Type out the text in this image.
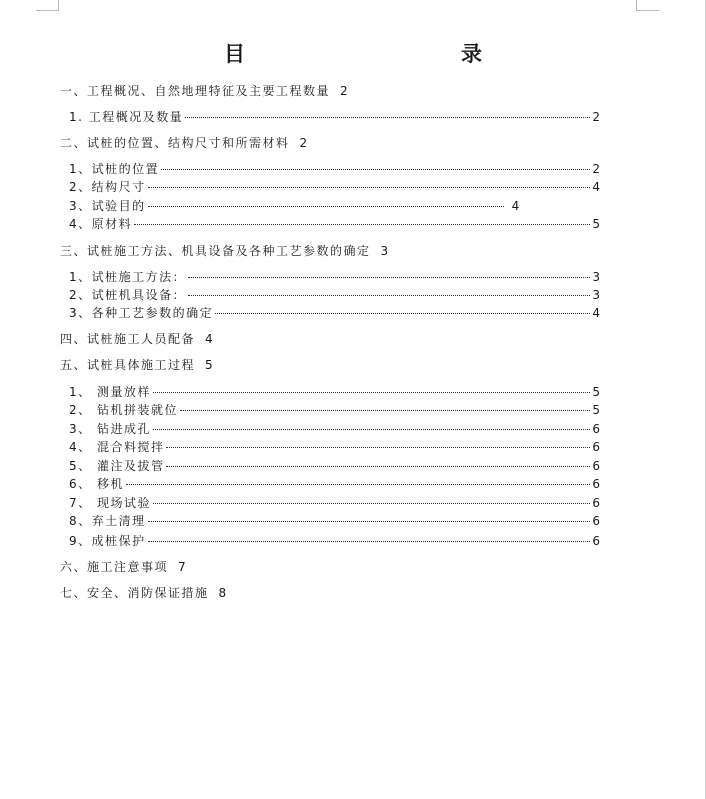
目　　录
一、工程概况、自然地理特征及主要工程数量 2
1. 工程概况及数量	2
二、试桩的位置、结构尺寸和所需材料 2
1、试桩的位置	2
2、结构尺寸	4
3、试验目的	4
4、原材料	5
三、试桩施工方法、机具设备及各种工艺参数的确定 3
1、试桩施工方法：	3
2、试桩机具设备：	3
3、各种工艺参数的确定	4
四、试桩施工人员配备 4
五、试桩具体施工过程 5
1、 测量放样	5
2、 钻机拼装就位	5
3、 钻进成孔	6
4、 混合料搅拌	6
5、 灌注及拔管	6
6、 移机	6
7、 现场试验	6
8、弃土清理	6
9、成桩保护	6
六、施工注意事项 7
七、安全、消防保证措施 8
